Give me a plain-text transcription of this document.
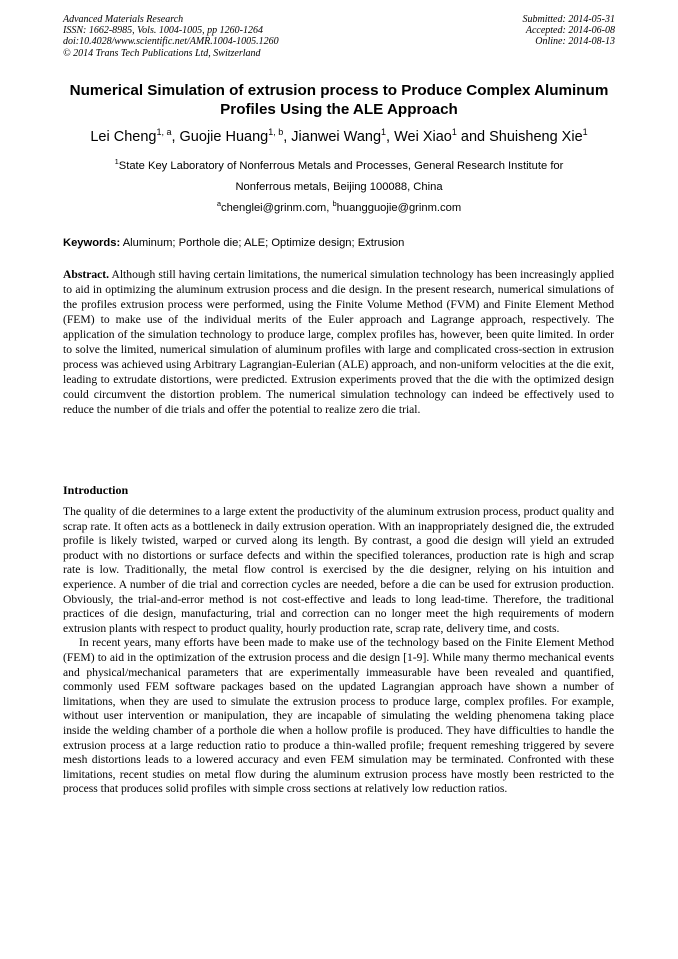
Advanced Materials Research
ISSN: 1662-8985, Vols. 1004-1005, pp 1260-1264
doi:10.4028/www.scientific.net/AMR.1004-1005.1260
© 2014 Trans Tech Publications Ltd, Switzerland
Submitted: 2014-05-31
Accepted: 2014-06-08
Online: 2014-08-13
Numerical Simulation of extrusion process to Produce Complex Aluminum Profiles Using the ALE Approach
Lei Cheng$^{1, a}$, Guojie Huang$^{1, b}$, Jianwei Wang$^1$, Wei Xiao$^1$ and Shuisheng Xie$^1$
$^1$State Key Laboratory of Nonferrous Metals and Processes, General Research Institute for
Nonferrous metals, Beijing 100088, China
$^a$chenglei@grinm.com, $^b$huangguojie@grinm.com
Keywords: Aluminum; Porthole die; ALE; Optimize design; Extrusion
Abstract. Although still having certain limitations, the numerical simulation technology has been increasingly applied to aid in optimizing the aluminum extrusion process and die design. In the present research, numerical simulations of the profiles extrusion process were performed, using the Finite Volume Method (FVM) and Finite Element Method (FEM) to make use of the individual merits of the Euler approach and Lagrange approach, respectively. The application of the simulation technology to produce large, complex profiles has, however, been quite limited. In order to solve the limited, numerical simulation of aluminum profiles with large and complicated cross-section in extrusion process was achieved using Arbitrary Lagrangian-Eulerian (ALE) approach, and non-uniform velocities at the die exit, leading to extrudate distortions, were predicted. Extrusion experiments proved that the die with the optimized design could circumvent the distortion problem. The numerical simulation technology can indeed be effectively used to reduce the number of die trials and offer the potential to realize zero die trial.
Introduction

The quality of die determines to a large extent the productivity of the aluminum extrusion process, product quality and scrap rate. It often acts as a bottleneck in daily extrusion operation. With an inappropriately designed die, the extruded profile is likely twisted, warped or curved along its length. By contrast, a good die design will yield an extruded product with no distortions or surface defects and within the specified tolerances, production rate is high and scrap rate is low. Traditionally, the metal flow control is exercised by the die designer, relying on his intuition and experience. A number of die trial and correction cycles are needed, before a die can be used for extrusion production. Obviously, the trial-and-error method is not cost-effective and leads to long lead-time. Therefore, the traditional practices of die design, manufacturing, trial and correction can no longer meet the high requirements of modern extrusion plants with respect to product quality, hourly production rate, scrap rate, delivery time, and costs.

In recent years, many efforts have been made to make use of the technology based on the Finite Element Method (FEM) to aid in the optimization of the extrusion process and die design [1-9]. While many thermo mechanical events and physical/mechanical parameters that are experimentally immeasurable have been revealed and quantified, commonly used FEM software packages based on the updated Lagrangian approach have shown a number of limitations, when they are used to simulate the extrusion process to produce large, complex profiles. For example, without user intervention or manipulation, they are incapable of simulating the welding phenomena taking place inside the welding chamber of a porthole die when a hollow profile is produced. They have difficulties to handle the extrusion process at a large reduction ratio to produce a thin-walled profile; frequent remeshing triggered by severe mesh distortions leads to a lowered accuracy and even FEM simulation may be terminated. Confronted with these limitations, recent studies on metal flow during the aluminum extrusion process have mostly been restricted to the process that produces solid profiles with simple cross sections at relatively low reduction ratios.
